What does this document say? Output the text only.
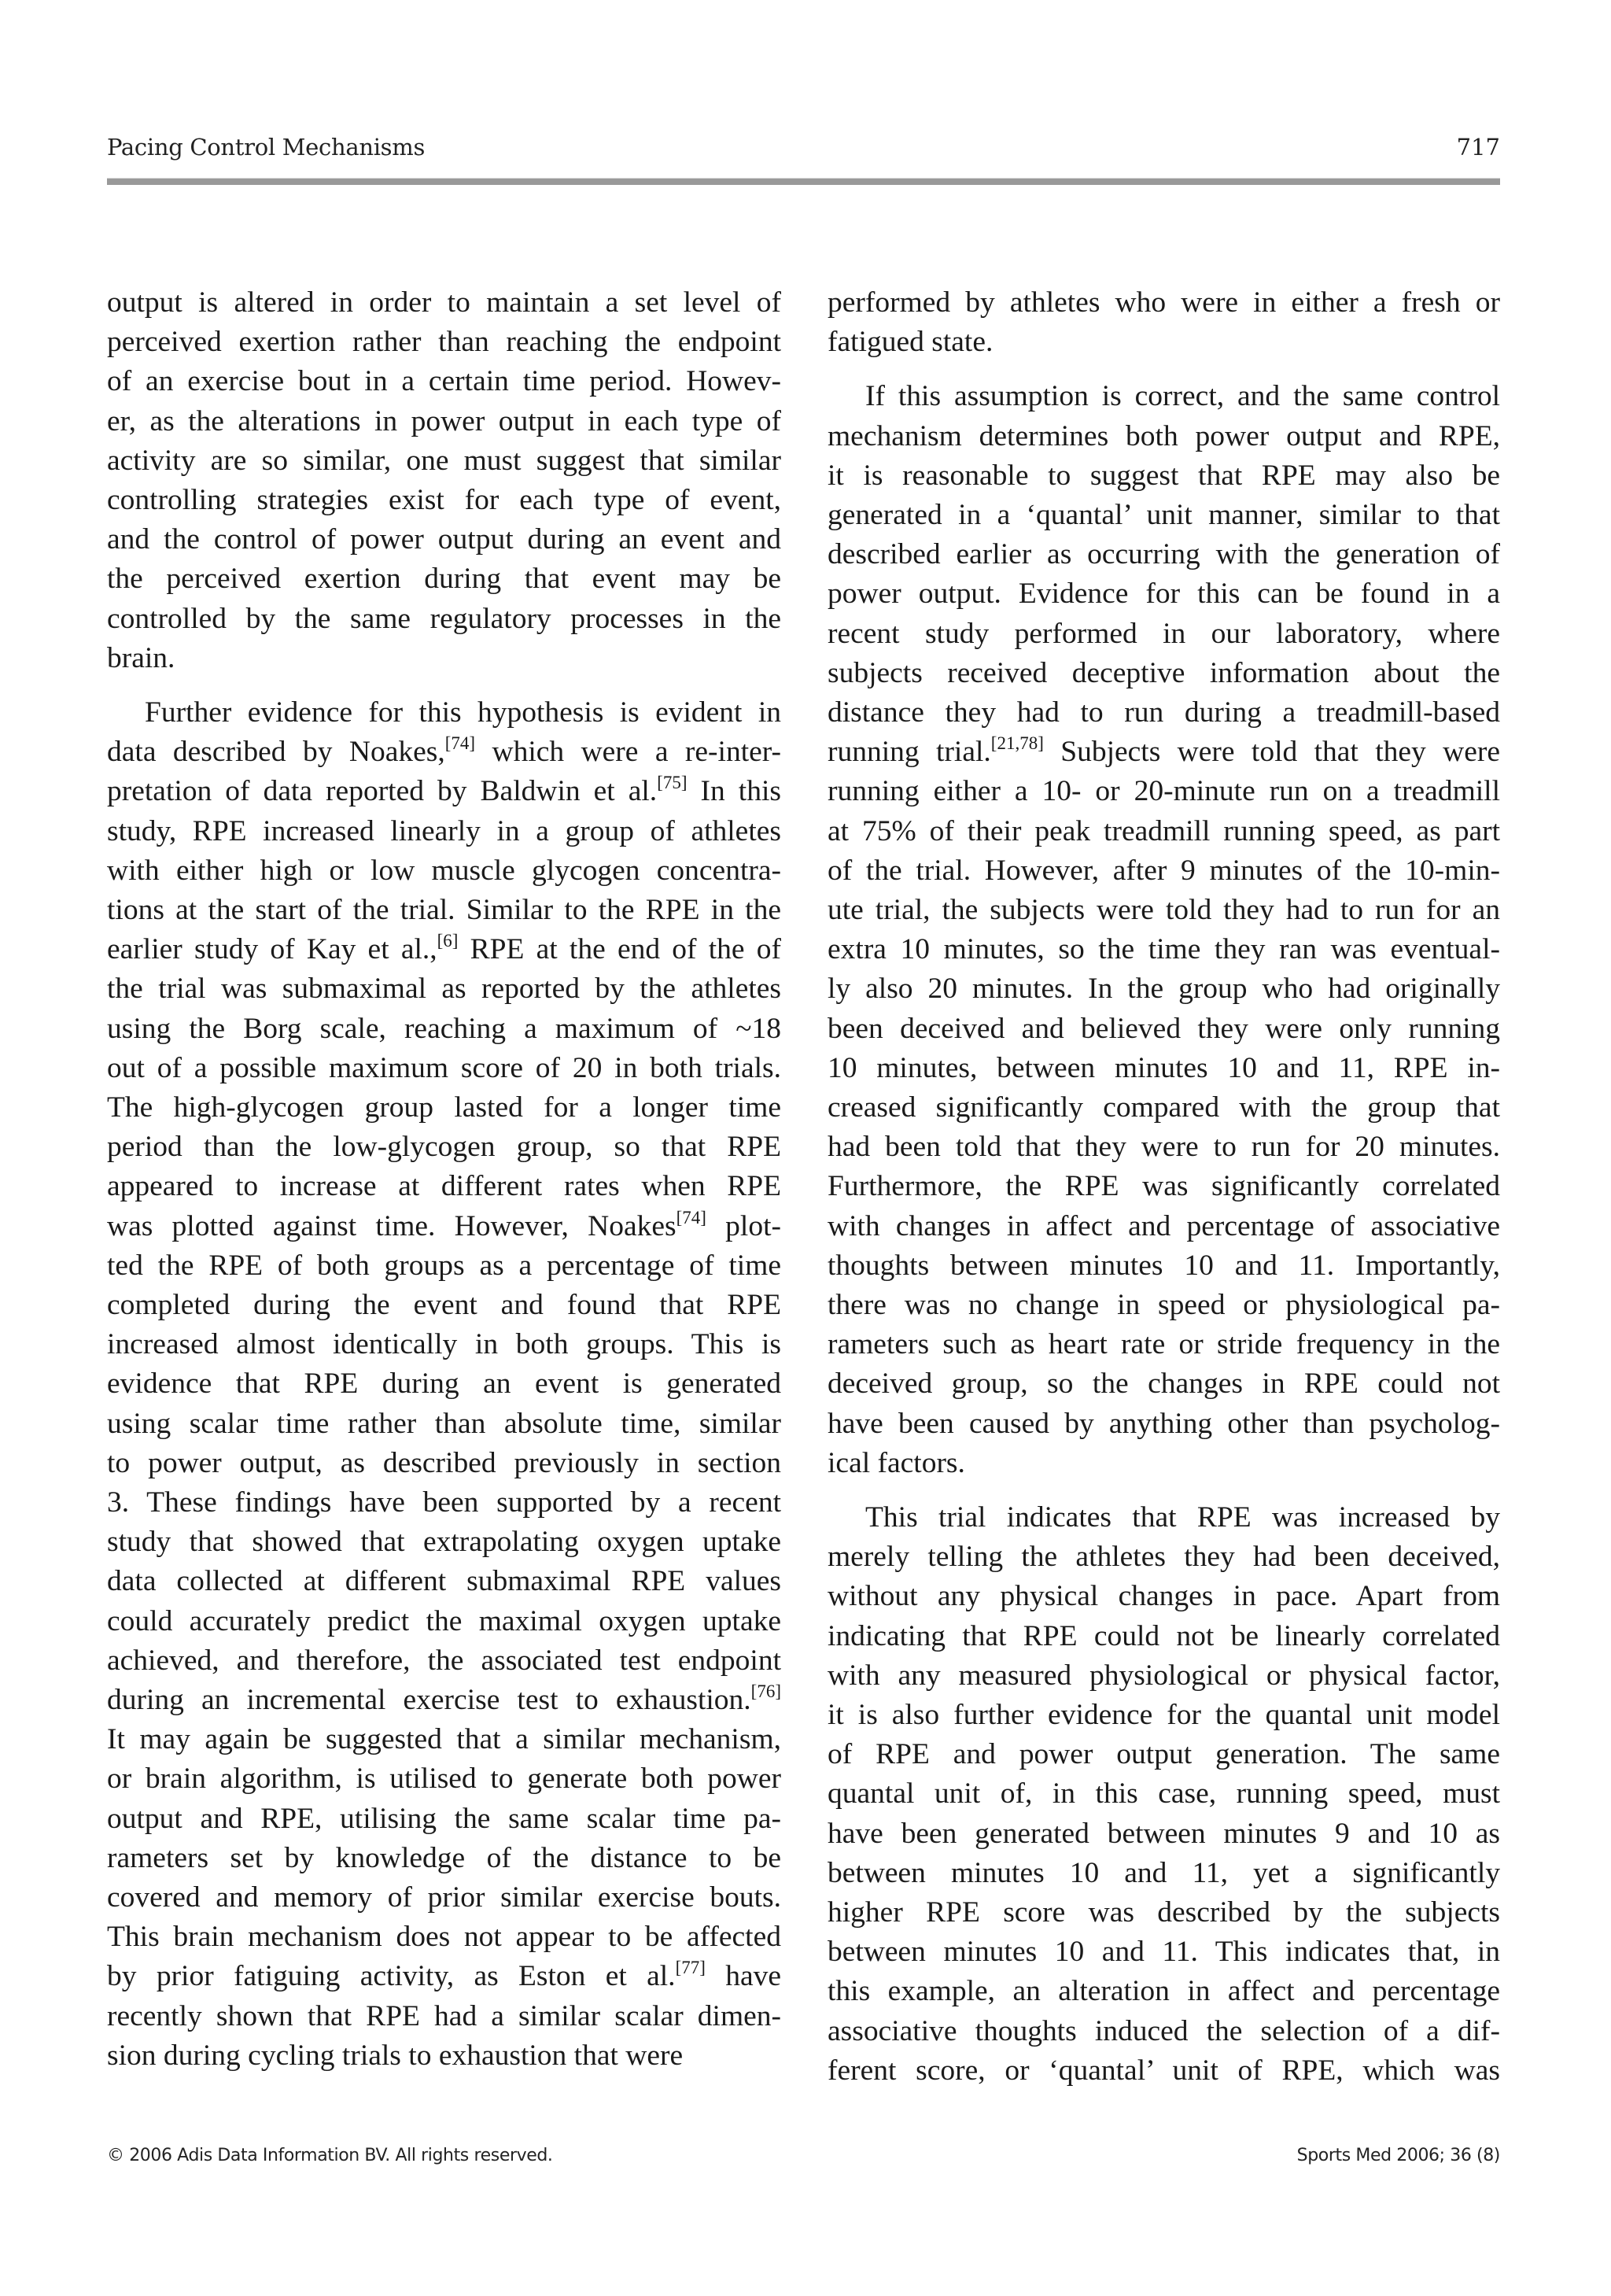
Pacing Control Mechanisms	717
output is altered in order to maintain a set level of
perceived exertion rather than reaching the endpoint
of an exercise bout in a certain time period. Howev-
er, as the alterations in power output in each type of
activity are so similar, one must suggest that similar
controlling strategies exist for each type of event,
and the control of power output during an event and
the perceived exertion during that event may be
controlled by the same regulatory processes in the
brain.
Further evidence for this hypothesis is evident in
data described by Noakes,[74] which were a re-inter-
pretation of data reported by Baldwin et al.[75] In this
study, RPE increased linearly in a group of athletes
with either high or low muscle glycogen concentra-
tions at the start of the trial. Similar to the RPE in the
earlier study of Kay et al.,[6] RPE at the end of the of
the trial was submaximal as reported by the athletes
using the Borg scale, reaching a maximum of ~18
out of a possible maximum score of 20 in both trials.
The high-glycogen group lasted for a longer time
period than the low-glycogen group, so that RPE
appeared to increase at different rates when RPE
was plotted against time. However, Noakes[74] plot-
ted the RPE of both groups as a percentage of time
completed during the event and found that RPE
increased almost identically in both groups. This is
evidence that RPE during an event is generated
using scalar time rather than absolute time, similar
to power output, as described previously in section
3. These findings have been supported by a recent
study that showed that extrapolating oxygen uptake
data collected at different submaximal RPE values
could accurately predict the maximal oxygen uptake
achieved, and therefore, the associated test endpoint
during an incremental exercise test to exhaustion.[76]
It may again be suggested that a similar mechanism,
or brain algorithm, is utilised to generate both power
output and RPE, utilising the same scalar time pa-
rameters set by knowledge of the distance to be
covered and memory of prior similar exercise bouts.
This brain mechanism does not appear to be affected
by prior fatiguing activity, as Eston et al.[77] have
recently shown that RPE had a similar scalar dimen-
sion during cycling trials to exhaustion that were
performed by athletes who were in either a fresh or
fatigued state.
If this assumption is correct, and the same control
mechanism determines both power output and RPE,
it is reasonable to suggest that RPE may also be
generated in a ‘quantal’ unit manner, similar to that
described earlier as occurring with the generation of
power output. Evidence for this can be found in a
recent study performed in our laboratory, where
subjects received deceptive information about the
distance they had to run during a treadmill-based
running trial.[21,78] Subjects were told that they were
running either a 10- or 20-minute run on a treadmill
at 75% of their peak treadmill running speed, as part
of the trial. However, after 9 minutes of the 10-min-
ute trial, the subjects were told they had to run for an
extra 10 minutes, so the time they ran was eventual-
ly also 20 minutes. In the group who had originally
been deceived and believed they were only running
10 minutes, between minutes 10 and 11, RPE in-
creased significantly compared with the group that
had been told that they were to run for 20 minutes.
Furthermore, the RPE was significantly correlated
with changes in affect and percentage of associative
thoughts between minutes 10 and 11. Importantly,
there was no change in speed or physiological pa-
rameters such as heart rate or stride frequency in the
deceived group, so the changes in RPE could not
have been caused by anything other than psycholog-
ical factors.
This trial indicates that RPE was increased by
merely telling the athletes they had been deceived,
without any physical changes in pace. Apart from
indicating that RPE could not be linearly correlated
with any measured physiological or physical factor,
it is also further evidence for the quantal unit model
of RPE and power output generation. The same
quantal unit of, in this case, running speed, must
have been generated between minutes 9 and 10 as
between minutes 10 and 11, yet a significantly
higher RPE score was described by the subjects
between minutes 10 and 11. This indicates that, in
this example, an alteration in affect and percentage
associative thoughts induced the selection of a dif-
ferent score, or ‘quantal’ unit of RPE, which was
© 2006 Adis Data Information BV. All rights reserved.	Sports Med 2006; 36 (8)
